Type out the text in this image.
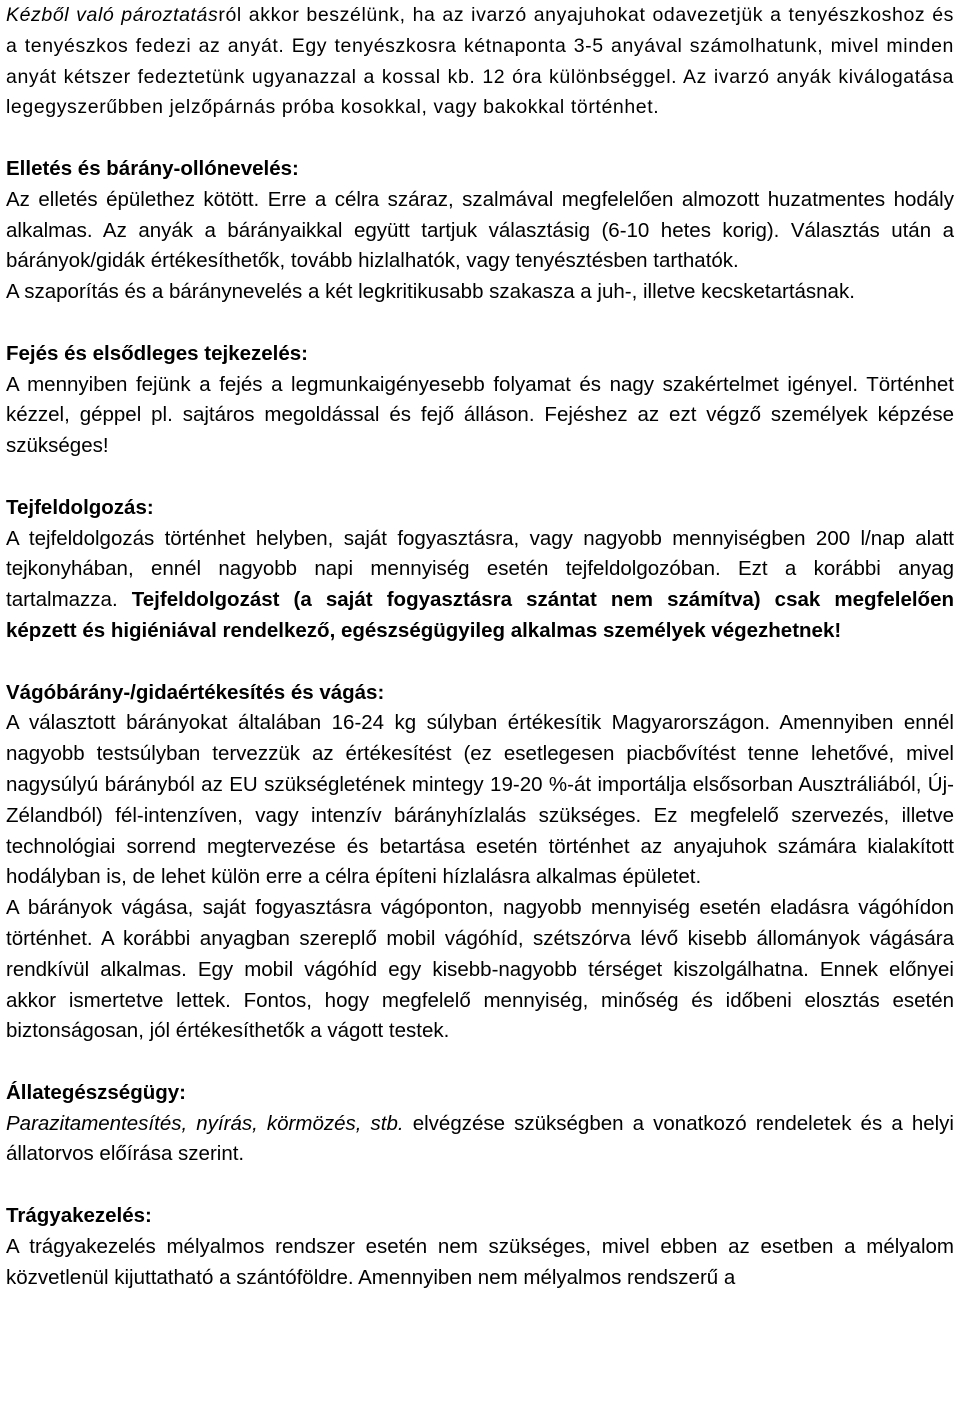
Kézből való pároztatásról akkor beszélünk, ha az ivarzó anyajuhokat odavezetjük a tenyészkoshoz és a tenyészkos fedezi az anyát. Egy tenyészkosra kétnaponta 3-5 anyával számolhatunk, mivel minden anyát kétszer fedeztetünk ugyanazzal a kossal kb. 12 óra különbséggel. Az ivarzó anyák kiválogatása legegyszerűbben jelzőpárnás próba kosokkal, vagy bakokkal történhet.

Elletés és bárány-ollónevelés:

Az elletés épülethez kötött. Erre a célra száraz, szalmával megfelelően almozott huzatmentes hodály alkalmas. Az anyák a bárányaikkal együtt tartjuk választásig (6-10 hetes korig). Választás után a bárányok/gidák értékesíthetők, tovább hizlalhatók, vagy tenyésztésben tarthatók.

A szaporítás és a báránynevelés a két legkritikusabb szakasza a juh-, illetve kecsketartásnak.

Fejés és elsődleges tejkezelés:

A mennyiben fejünk a fejés a legmunkaigényesebb folyamat és nagy szakértelmet igényel. Történhet kézzel, géppel pl. sajtáros megoldással és fejő álláson. Fejéshez az ezt végző személyek képzése szükséges!

Tejfeldolgozás:

A tejfeldolgozás történhet helyben, saját fogyasztásra, vagy nagyobb mennyiségben 200 l/nap alatt tejkonyhában, ennél nagyobb napi mennyiség esetén tejfeldolgozóban. Ezt a korábbi anyag tartalmazza. Tejfeldolgozást (a saját fogyasztásra szántat nem számítva) csak megfelelően képzett és higiéniával rendelkező, egészségügyileg alkalmas személyek végezhetnek!

Vágóbárány-/gidaértékesítés és vágás:

A választott bárányokat általában 16-24 kg súlyban értékesítik Magyarországon. Amennyiben ennél nagyobb testsúlyban tervezzük az értékesítést (ez esetlegesen piacbővítést tenne lehetővé, mivel nagysúlyú bárányból az EU szükségletének mintegy 19-20 %-át importálja elsősorban Ausztráliából, Új-Zélandból) fél-intenzíven, vagy intenzív bárányhízlalás szükséges. Ez megfelelő szervezés, illetve technológiai sorrend megtervezése és betartása esetén történhet az anyajuhok számára kialakított hodályban is, de lehet külön erre a célra építeni hízlalásra alkalmas épületet.

A bárányok vágása, saját fogyasztásra vágóponton, nagyobb mennyiség esetén eladásra vágóhídon történhet. A korábbi anyagban szereplő mobil vágóhíd, szétszórva lévő kisebb állományok vágására rendkívül alkalmas. Egy mobil vágóhíd egy kisebb-nagyobb térséget kiszolgálhatna. Ennek előnyei akkor ismertetve lettek. Fontos, hogy megfelelő mennyiség, minőség és időbeni elosztás esetén biztonságosan, jól értékesíthetők a vágott testek.

Állategészségügy:

Parazitamentesítés, nyírás, körmözés, stb. elvégzése szükségben a vonatkozó rendeletek és a helyi állatorvos előírása szerint.

Trágyakezelés:

A trágyakezelés mélyalmos rendszer esetén nem szükséges, mivel ebben az esetben a mélyalom közvetlenül kijuttatható a szántóföldre. Amennyiben nem mélyalmos rendszerű a
